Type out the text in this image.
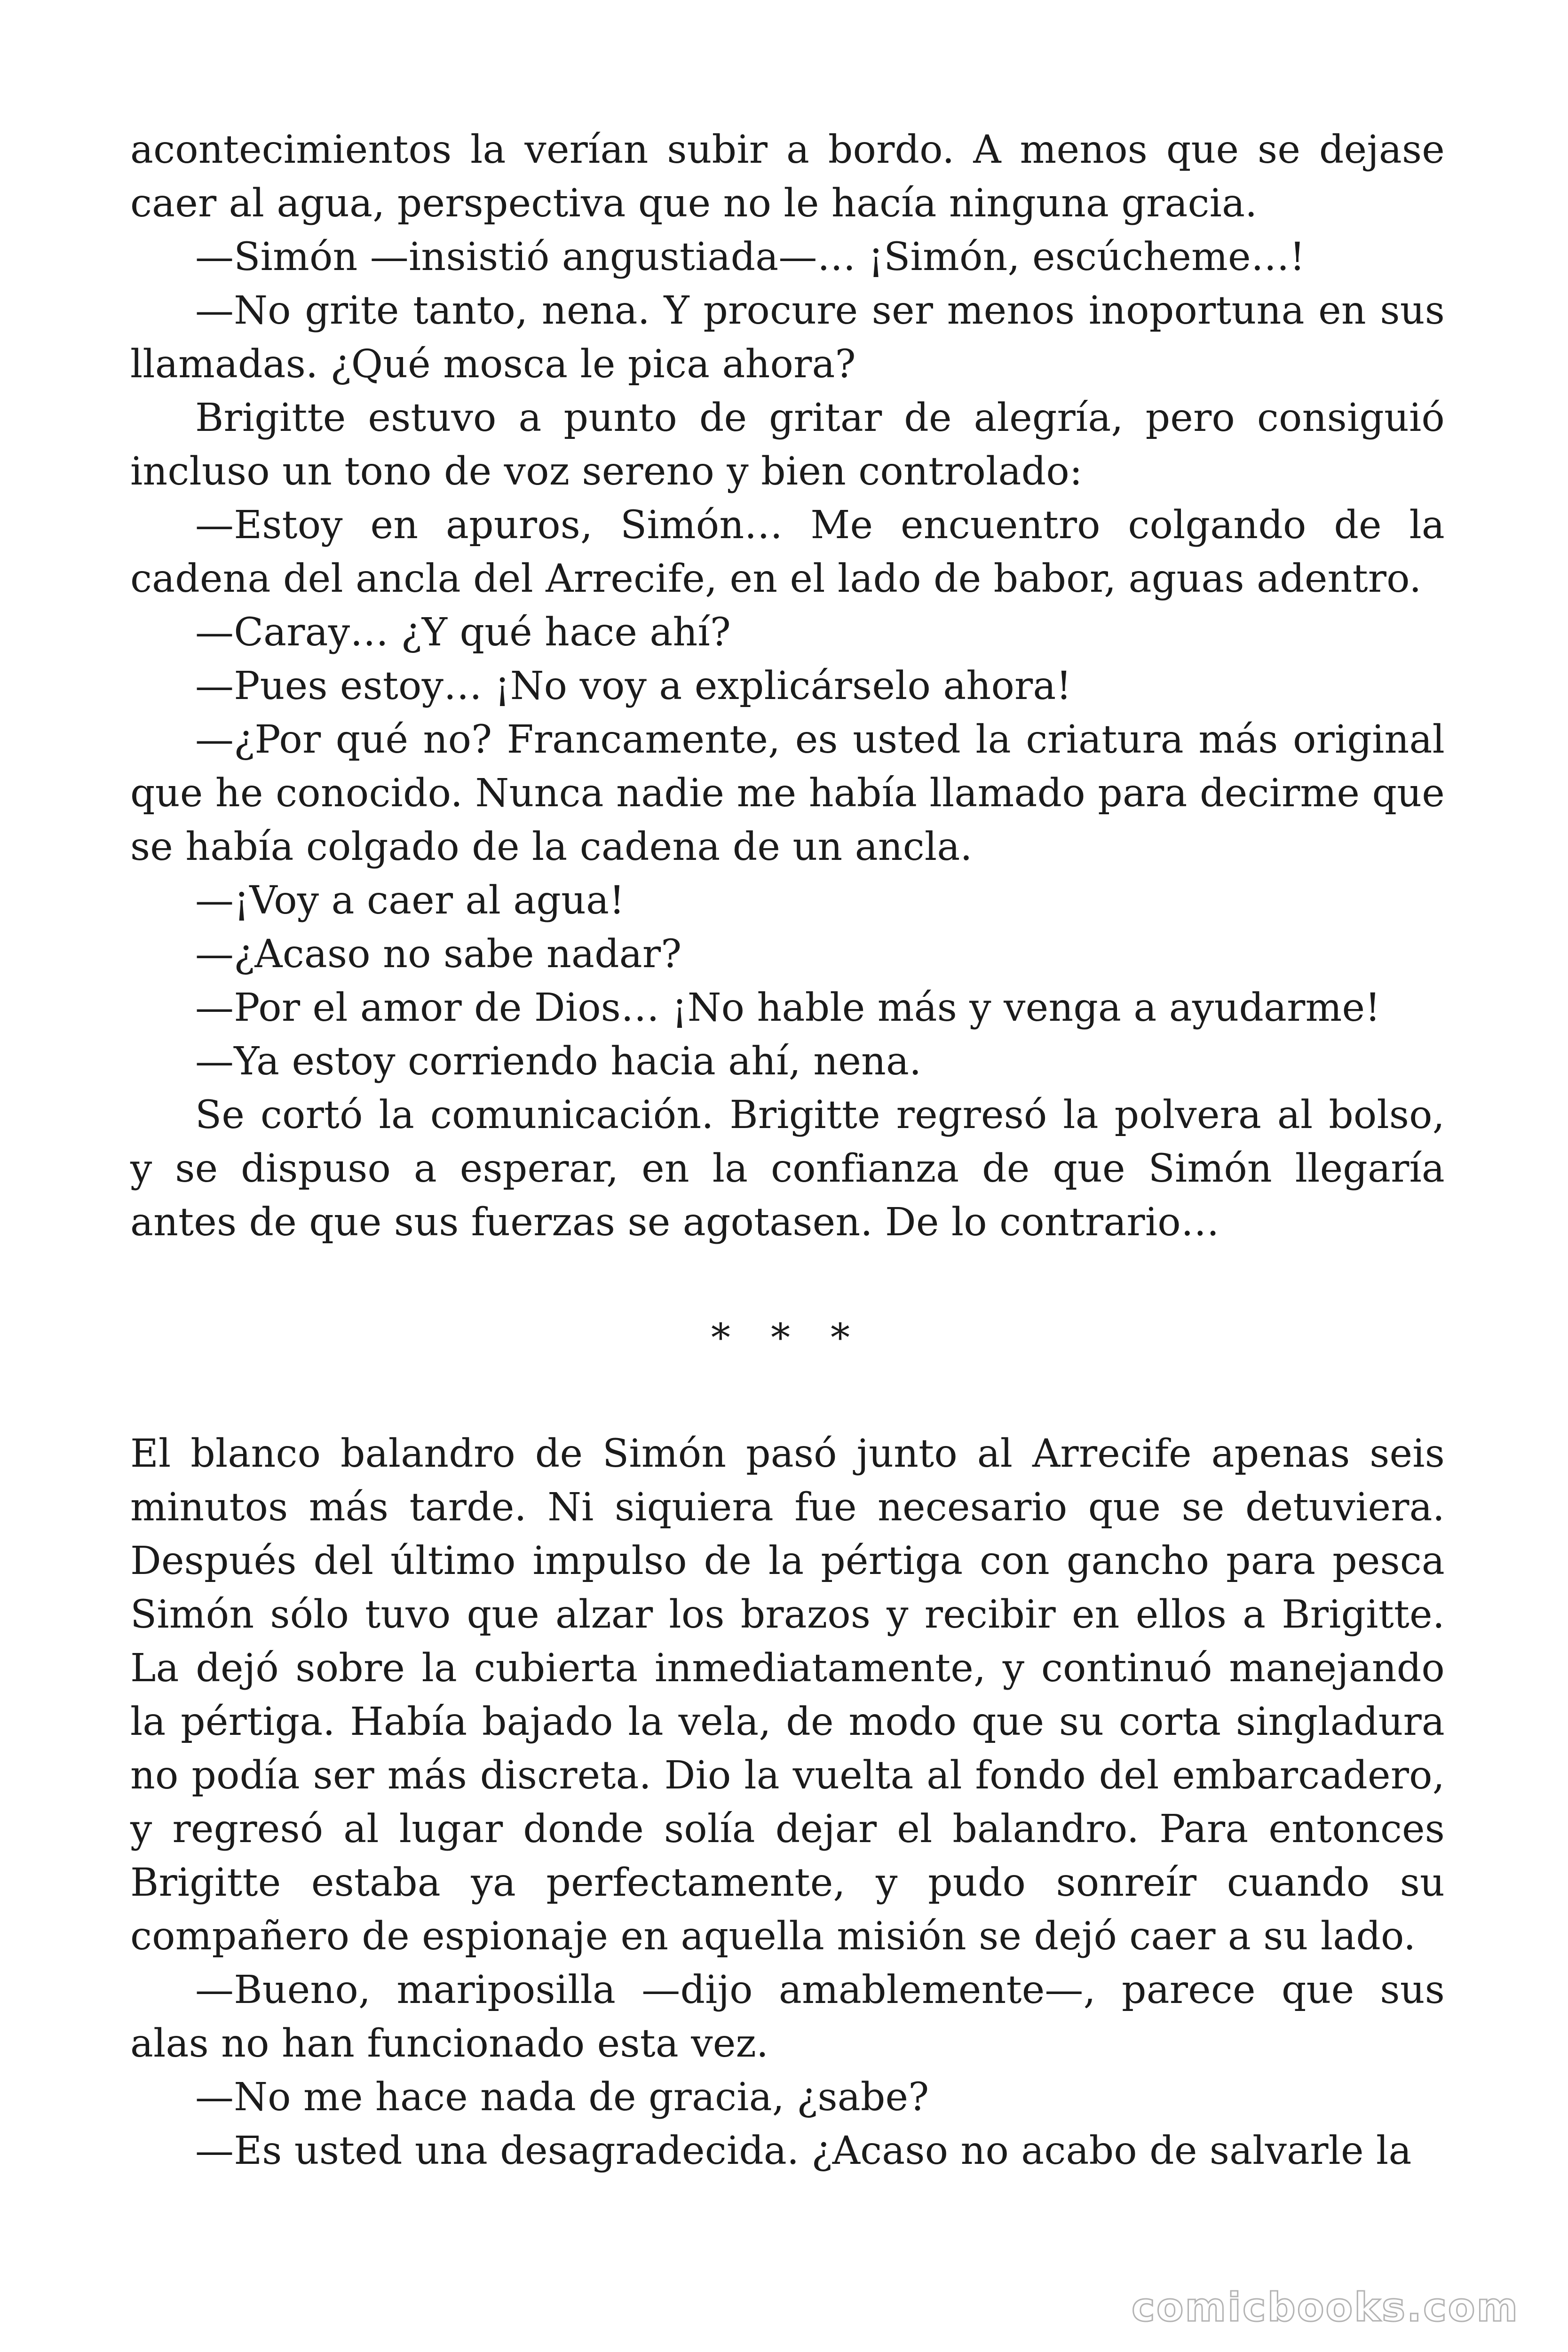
acontecimientos la verían subir a bordo. A menos que se dejase caer al agua, perspectiva que no le hacía ninguna gracia.

—Simón —insistió angustiada—… ¡Simón, escúcheme…!

—No grite tanto, nena. Y procure ser menos inoportuna en sus llamadas. ¿Qué mosca le pica ahora?

Brigitte estuvo a punto de gritar de alegría, pero consiguió incluso un tono de voz sereno y bien controlado:

—Estoy en apuros, Simón… Me encuentro colgando de la cadena del ancla del Arrecife, en el lado de babor, aguas adentro.

—Caray… ¿Y qué hace ahí?

—Pues estoy… ¡No voy a explicárselo ahora!

—¿Por qué no? Francamente, es usted la criatura más original que he conocido. Nunca nadie me había llamado para decirme que se había colgado de la cadena de un ancla.

—¡Voy a caer al agua!

—¿Acaso no sabe nadar?

—Por el amor de Dios… ¡No hable más y venga a ayudarme!

—Ya estoy corriendo hacia ahí, nena.

Se cortó la comunicación. Brigitte regresó la polvera al bolso, y se dispuso a esperar, en la confianza de que Simón llegaría antes de que sus fuerzas se agotasen. De lo contrario…

* * *

El blanco balandro de Simón pasó junto al Arrecife apenas seis minutos más tarde. Ni siquiera fue necesario que se detuviera. Después del último impulso de la pértiga con gancho para pesca Simón sólo tuvo que alzar los brazos y recibir en ellos a Brigitte. La dejó sobre la cubierta inmediatamente, y continuó manejando la pértiga. Había bajado la vela, de modo que su corta singladura no podía ser más discreta. Dio la vuelta al fondo del embarcadero, y regresó al lugar donde solía dejar el balandro. Para entonces Brigitte estaba ya perfectamente, y pudo sonreír cuando su compañero de espionaje en aquella misión se dejó caer a su lado.

—Bueno, mariposilla —dijo amablemente—, parece que sus alas no han funcionado esta vez.

—No me hace nada de gracia, ¿sabe?

—Es usted una desagradecida. ¿Acaso no acabo de salvarle la

comicbooks.com
